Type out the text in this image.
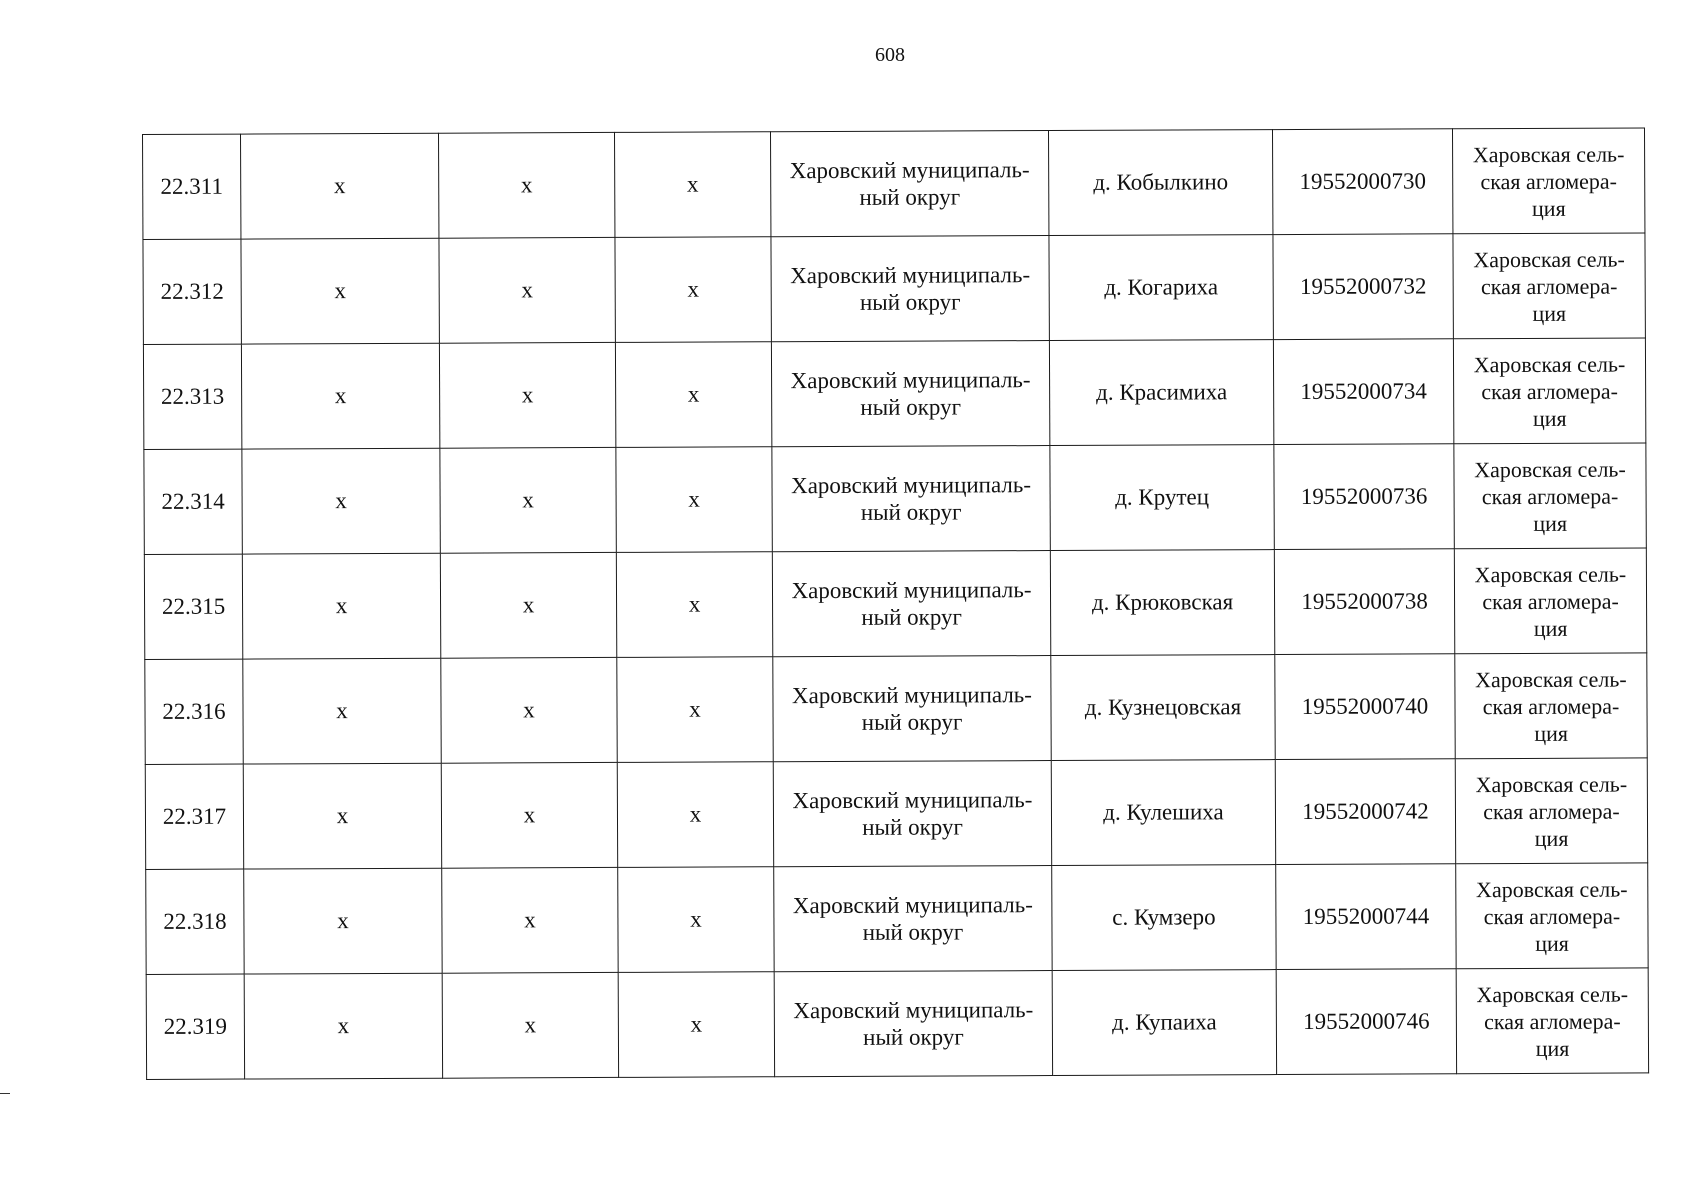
608
22.311	х	х	х	Харовский муниципаль-
ный округ	д. Кобылкино	19552000730	Харовская сель-
ская агломера-
ция

22.312	х	х	х	Харовский муниципаль-
ный округ	д. Когариха	19552000732	Харовская сель-
ская агломера-
ция

22.313	х	х	х	Харовский муниципаль-
ный округ	д. Красимиха	19552000734	Харовская сель-
ская агломера-
ция

22.314	х	х	х	Харовский муниципаль-
ный округ	д. Крутец	19552000736	Харовская сель-
ская агломера-
ция

22.315	х	х	х	Харовский муниципаль-
ный округ	д. Крюковская	19552000738	Харовская сель-
ская агломера-
ция

22.316	х	х	х	Харовский муниципаль-
ный округ	д. Кузнецовская	19552000740	Харовская сель-
ская агломера-
ция

22.317	х	х	х	Харовский муниципаль-
ный округ	д. Кулешиха	19552000742	Харовская сель-
ская агломера-
ция

22.318	х	х	х	Харовский муниципаль-
ный округ	с. Кумзеро	19552000744	Харовская сель-
ская агломера-
ция

22.319	х	х	х	Харовский муниципаль-
ный округ	д. Купаиха	19552000746	Харовская сель-
ская агломера-
ция
